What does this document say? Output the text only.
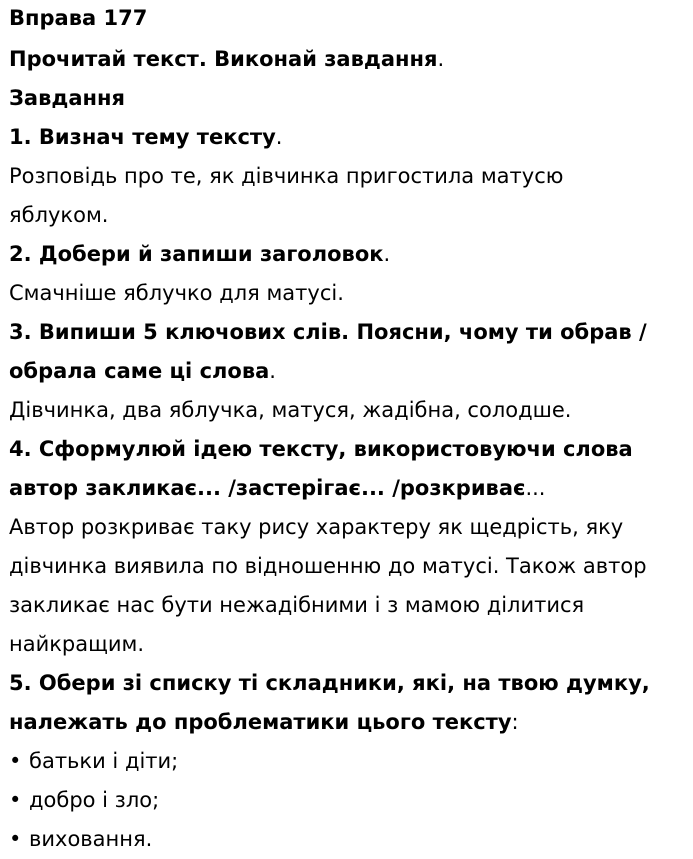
Вправа 177
Прочитай текст. Виконай завдання.
Завдання
1. Визнач тему тексту.
Розповідь про те, як дівчинка пригостила матусю
яблуком.
2. Добери й запиши заголовок.
Смачніше яблучко для матусі.
3. Випиши 5 ключових слів. Поясни, чому ти обрав /
обрала саме ці слова.
Дівчинка, два яблучка, матуся, жадібна, солодше.
4. Сформулюй ідею тексту, використовуючи слова
автор закликає... /застерігає... /розкриває...
Автор розкриває таку рису характеру як щедрість, яку
дівчинка виявила по відношенню до матусі. Також автор
закликає нас бути нежадібними і з мамою ділитися
найкращим.
5. Обери зі списку ті складники, які, на твою думку,
належать до проблематики цього тексту:
• батьки і діти;
• добро і зло;
• виховання.
